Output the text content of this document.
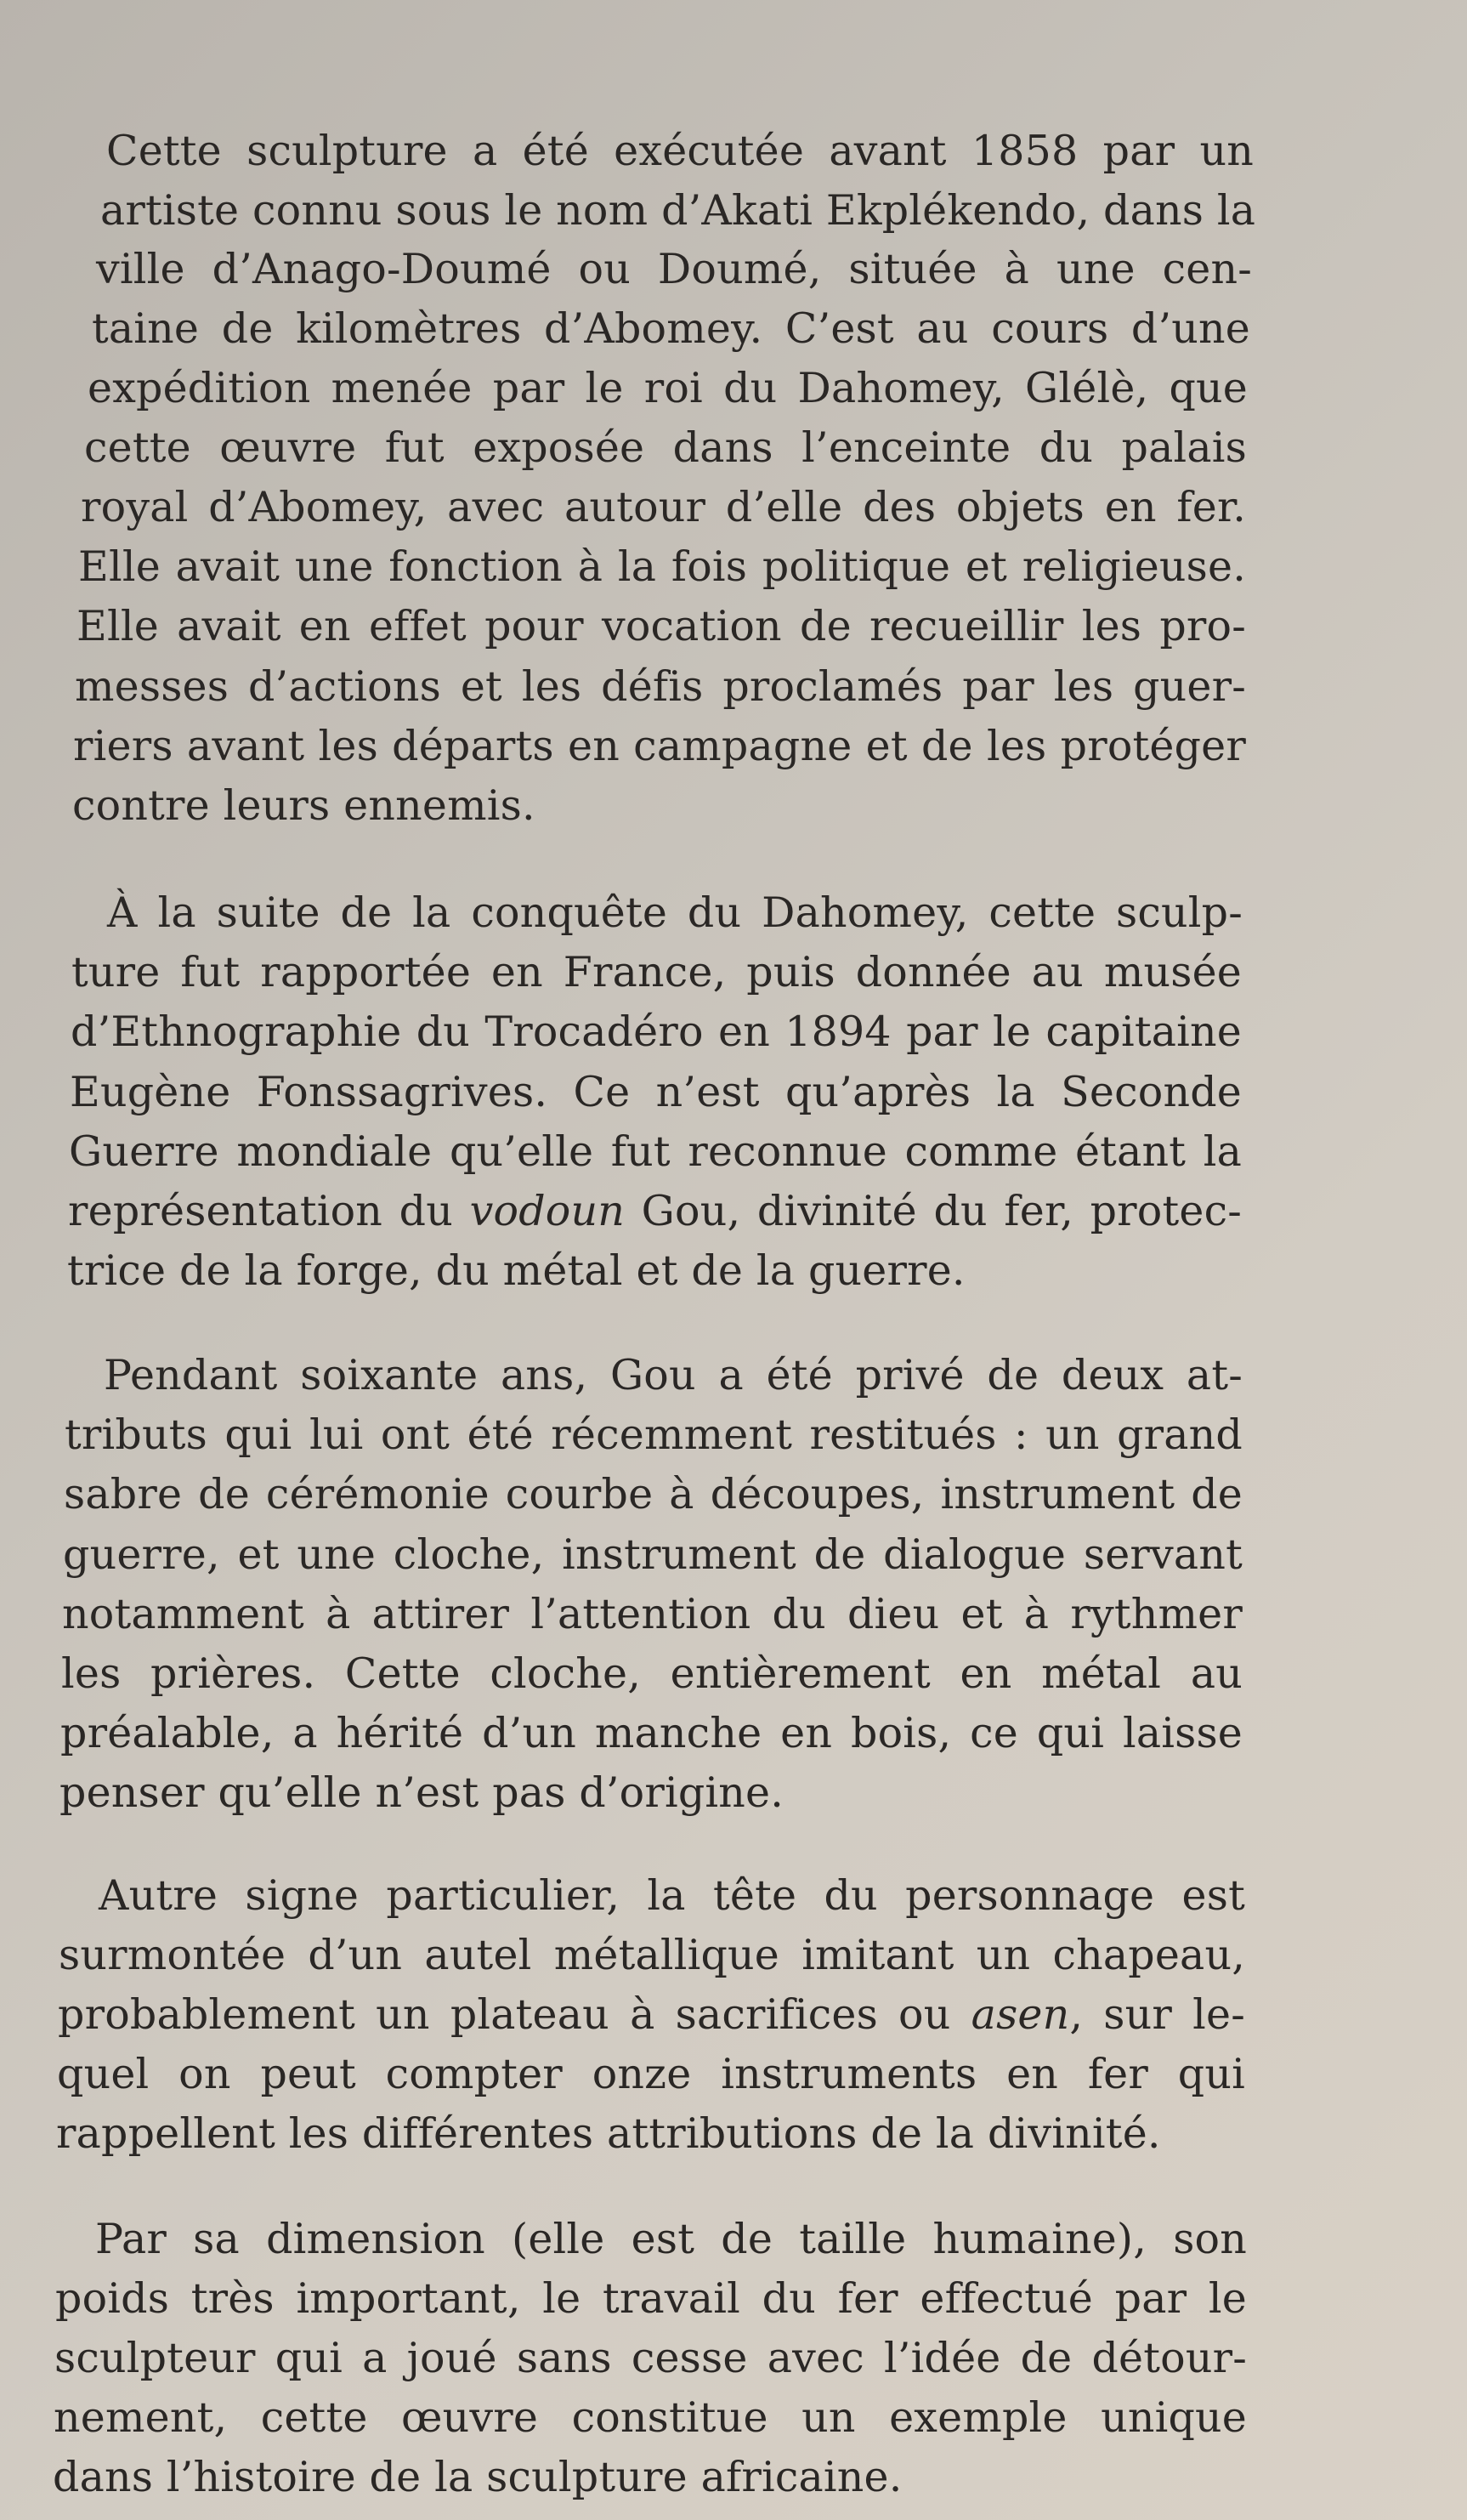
Cette sculpture a été exécutée avant 1858 par un

artiste connu sous le nom d’Akati Ekplékendo, dans la

ville d’Anago-Doumé ou Doumé, située à une cen-

taine de kilomètres d’Abomey. C’est au cours d’une

expédition menée par le roi du Dahomey, Glélè, que

cette œuvre fut exposée dans l’enceinte du palais

royal d’Abomey, avec autour d’elle des objets en fer.

Elle avait une fonction à la fois politique et religieuse.

Elle avait en effet pour vocation de recueillir les pro-

messes d’actions et les défis proclamés par les guer-

riers avant les départs en campagne et de les protéger

contre leurs ennemis.

À la suite de la conquête du Dahomey, cette sculp-

ture fut rapportée en France, puis donnée au musée

d’Ethnographie du Trocadéro en 1894 par le capitaine

Eugène Fonssagrives. Ce n’est qu’après la Seconde

Guerre mondiale qu’elle fut reconnue comme étant la

représentation du vodoun Gou, divinité du fer, protec-

trice de la forge, du métal et de la guerre.

Pendant soixante ans, Gou a été privé de deux at-

tributs qui lui ont été récemment restitués : un grand

sabre de cérémonie courbe à découpes, instrument de

guerre, et une cloche, instrument de dialogue servant

notamment à attirer l’attention du dieu et à rythmer

les prières. Cette cloche, entièrement en métal au

préalable, a hérité d’un manche en bois, ce qui laisse

penser qu’elle n’est pas d’origine.

Autre signe particulier, la tête du personnage est

surmontée d’un autel métallique imitant un chapeau,

probablement un plateau à sacrifices ou asen, sur le-

quel on peut compter onze instruments en fer qui

rappellent les différentes attributions de la divinité.

Par sa dimension (elle est de taille humaine), son

poids très important, le travail du fer effectué par le

sculpteur qui a joué sans cesse avec l’idée de détour-

nement, cette œuvre constitue un exemple unique

dans l’histoire de la sculpture africaine.
